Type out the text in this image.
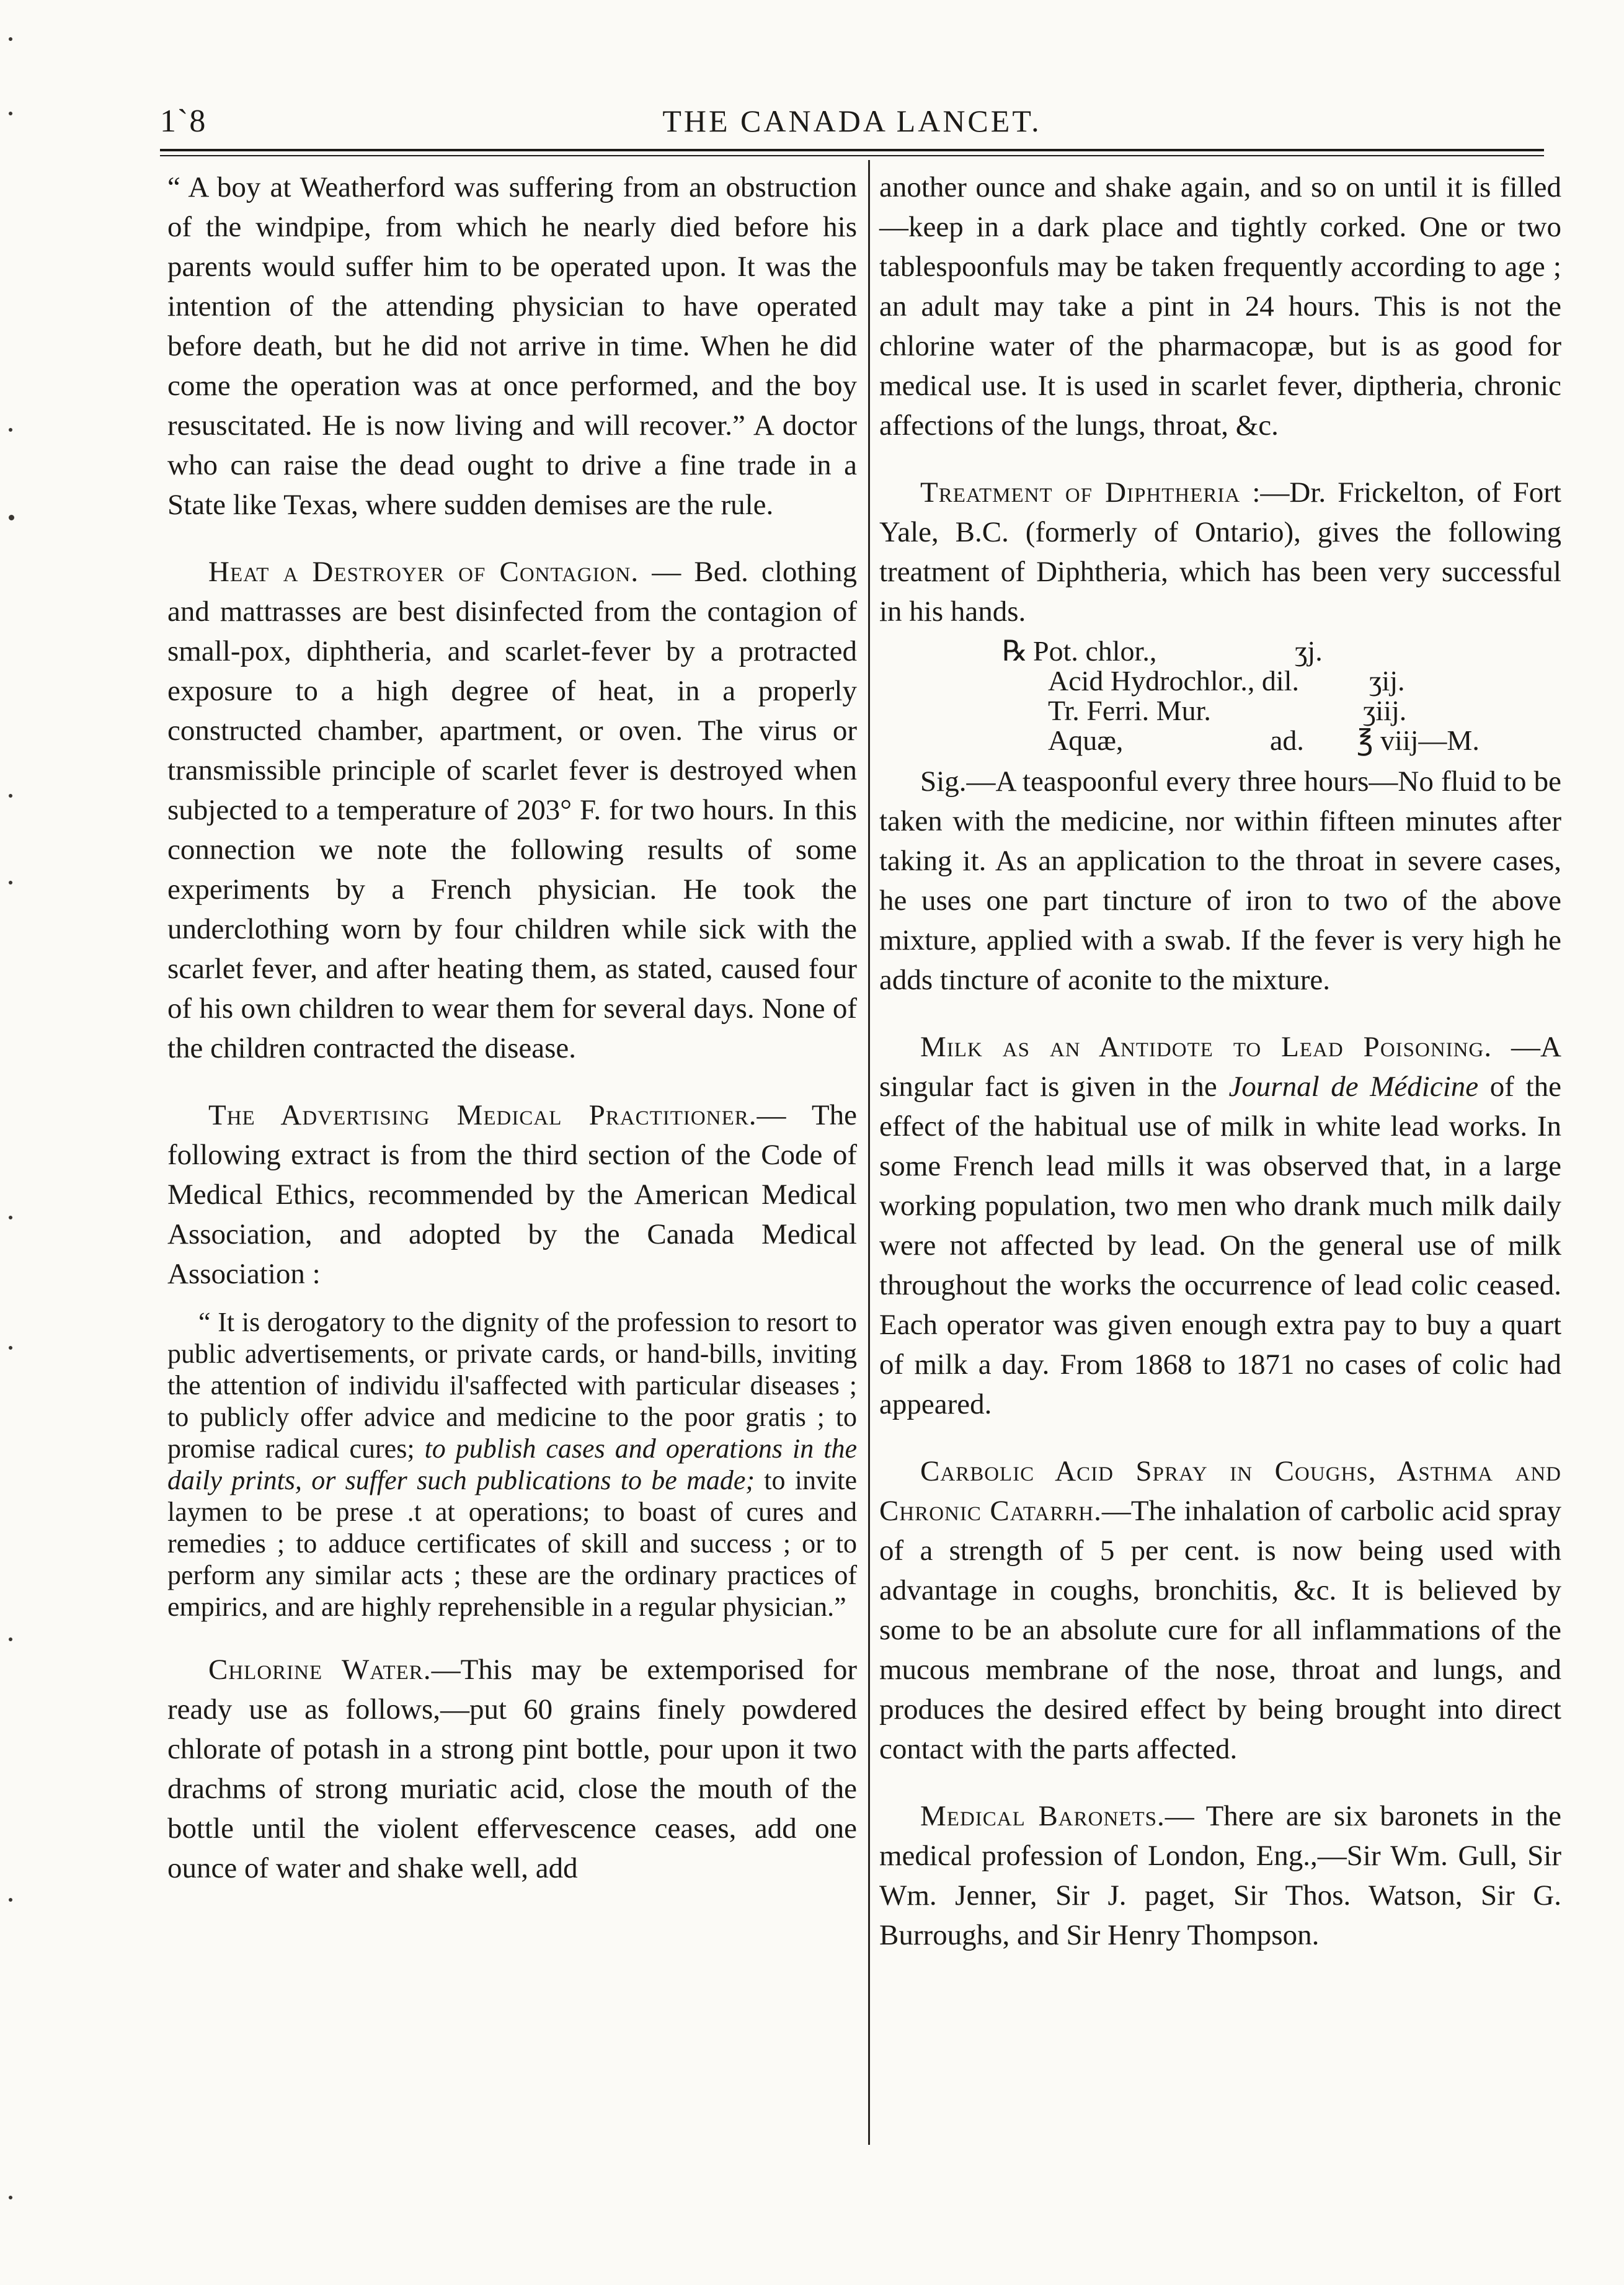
1`8	THE CANADA LANCET.

“ A boy at Weatherford was suffering from an obstruction of the windpipe, from which he nearly died before his parents would suffer him to be operated upon. It was the intention of the attending physician to have operated before death, but he did not arrive in time. When he did come the operation was at once performed, and the boy resuscitated. He is now living and will recover.” A doctor who can raise the dead ought to drive a fine trade in a State like Texas, where sudden demises are the rule.

Heat a Destroyer of Contagion. — Bed. clothing and mattrasses are best disinfected from the contagion of small-pox, diphtheria, and scarlet-fever by a protracted exposure to a high degree of heat, in a properly constructed chamber, apartment, or oven. The virus or transmissible principle of scarlet fever is destroyed when subjected to a temperature of 203° F. for two hours. In this connection we note the following results of some experiments by a French physician. He took the underclothing worn by four children while sick with the scarlet fever, and after heating them, as stated, caused four of his own children to wear them for several days. None of the children contracted the disease.

The Advertising Medical Practitioner.— The following extract is from the third section of the Code of Medical Ethics, recommended by the American Medical Association, and adopted by the Canada Medical Association :

“ It is derogatory to the dignity of the profession to resort to public advertisements, or private cards, or hand-bills, inviting the attention of individu il'saffected with particular diseases ; to publicly offer advice and medicine to the poor gratis ; to promise radical cures; to publish cases and operations in the daily prints, or suffer such publications to be made; to invite laymen to be prese .t at operations; to boast of cures and remedies ; to adduce certificates of skill and success ; or to perform any similar acts ; these are the ordinary practices of empirics, and are highly reprehensible in a regular physician.”

Chlorine Water.—This may be extemporised for ready use as follows,—put 60 grains finely powdered chlorate of potash in a strong pint bottle, pour upon it two drachms of strong muriatic acid, close the mouth of the bottle until the violent effervescence ceases, add one ounce of water and shake well, add

another ounce and shake again, and so on until it is filled—keep in a dark place and tightly corked. One or two tablespoonfuls may be taken frequently according to age ; an adult may take a pint in 24 hours. This is not the chlorine water of the pharmacopæ, but is as good for medical use. It is used in scarlet fever, diptheria, chronic affections of the lungs, throat, &c.

Treatment of Diphtheria :—Dr. Frickelton, of Fort Yale, B.C. (formerly of Ontario), gives the following treatment of Diphtheria, which has been very successful in his hands.

℞ Pot. chlor.,	ʒj.
Acid Hydrochlor., dil. ʒij.
Tr. Ferri. Mur.	ʒiij.
Aquæ,	ad. ℥ viij—M.

Sig.—A teaspoonful every three hours—No fluid to be taken with the medicine, nor within fifteen minutes after taking it. As an application to the throat in severe cases, he uses one part tincture of iron to two of the above mixture, applied with a swab. If the fever is very high he adds tincture of aconite to the mixture.

Milk as an Antidote to Lead Poisoning. —A singular fact is given in the Journal de Médicine of the effect of the habitual use of milk in white lead works. In some French lead mills it was observed that, in a large working population, two men who drank much milk daily were not affected by lead. On the general use of milk throughout the works the occurrence of lead colic ceased. Each operator was given enough extra pay to buy a quart of milk a day. From 1868 to 1871 no cases of colic had appeared.

Carbolic Acid Spray in Coughs, Asthma and Chronic Catarrh.—The inhalation of carbolic acid spray of a strength of 5 per cent. is now being used with advantage in coughs, bronchitis, &c. It is believed by some to be an absolute cure for all inflammations of the mucous membrane of the nose, throat and lungs, and produces the desired effect by being brought into direct contact with the parts affected.

Medical Baronets.— There are six baronets in the medical profession of London, Eng.,—Sir Wm. Gull, Sir Wm. Jenner, Sir J. paget, Sir Thos. Watson, Sir G. Burroughs, and Sir Henry Thompson.
